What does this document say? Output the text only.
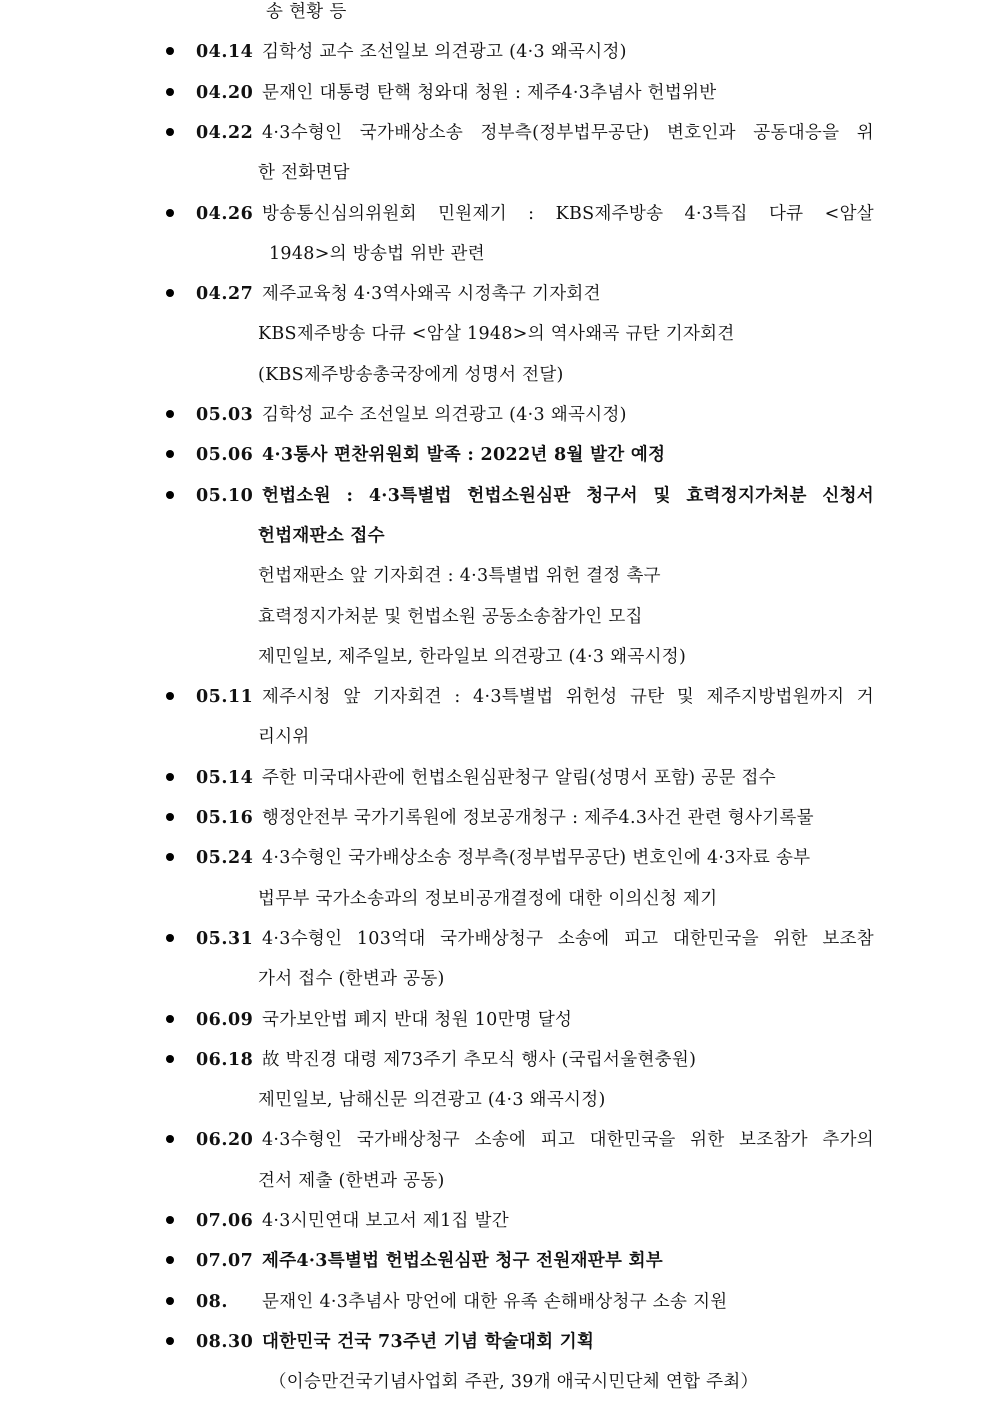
송 현황 등
04.14 김학성 교수 조선일보 의견광고 (4·3 왜곡시정)
04.20 문재인 대통령 탄핵 청와대 청원 : 제주4·3추념사 헌법위반
04.22 4·3수형인 국가배상소송 정부측(정부법무공단) 변호인과 공동대응을 위
한 전화면담
04.26 방송통신심의위원회 민원제기 : KBS제주방송 4·3특집 다큐 <암살
1948>의 방송법 위반 관련
04.27 제주교육청 4·3역사왜곡 시정촉구 기자회견
KBS제주방송 다큐 <암살 1948>의 역사왜곡 규탄 기자회견
(KBS제주방송총국장에게 성명서 전달)
05.03 김학성 교수 조선일보 의견광고 (4·3 왜곡시정)
05.06 4·3통사 편찬위원회 발족 : 2022년 8월 발간 예정
05.10 헌법소원 : 4·3특별법 헌법소원심판 청구서 및 효력정지가처분 신청서
헌법재판소 접수
헌법재판소 앞 기자회견 : 4·3특별법 위헌 결정 촉구
효력정지가처분 및 헌법소원 공동소송참가인 모집
제민일보, 제주일보, 한라일보 의견광고 (4·3 왜곡시정)
05.11 제주시청 앞 기자회견 : 4·3특별법 위헌성 규탄 및 제주지방법원까지 거
리시위
05.14 주한 미국대사관에 헌법소원심판청구 알림(성명서 포함) 공문 접수
05.16 행정안전부 국가기록원에 정보공개청구 : 제주4.3사건 관련 형사기록물
05.24 4·3수형인 국가배상소송 정부측(정부법무공단) 변호인에 4·3자료 송부
법무부 국가소송과의 정보비공개결정에 대한 이의신청 제기
05.31 4·3수형인 103억대 국가배상청구 소송에 피고 대한민국을 위한 보조참
가서 접수 (한변과 공동)
06.09 국가보안법 폐지 반대 청원 10만명 달성
06.18 故 박진경 대령 제73주기 추모식 행사 (국립서울현충원)
제민일보, 남해신문 의견광고 (4·3 왜곡시정)
06.20 4·3수형인 국가배상청구 소송에 피고 대한민국을 위한 보조참가 추가의
견서 제출 (한변과 공동)
07.06 4·3시민연대 보고서 제1집 발간
07.07 제주4·3특별법 헌법소원심판 청구 전원재판부 회부
08. 문재인 4·3추념사 망언에 대한 유족 손해배상청구 소송 지원
08.30 대한민국 건국 73주년 기념 학술대회 기획
（이승만건국기념사업회 주관, 39개 애국시민단체 연합 주최）
